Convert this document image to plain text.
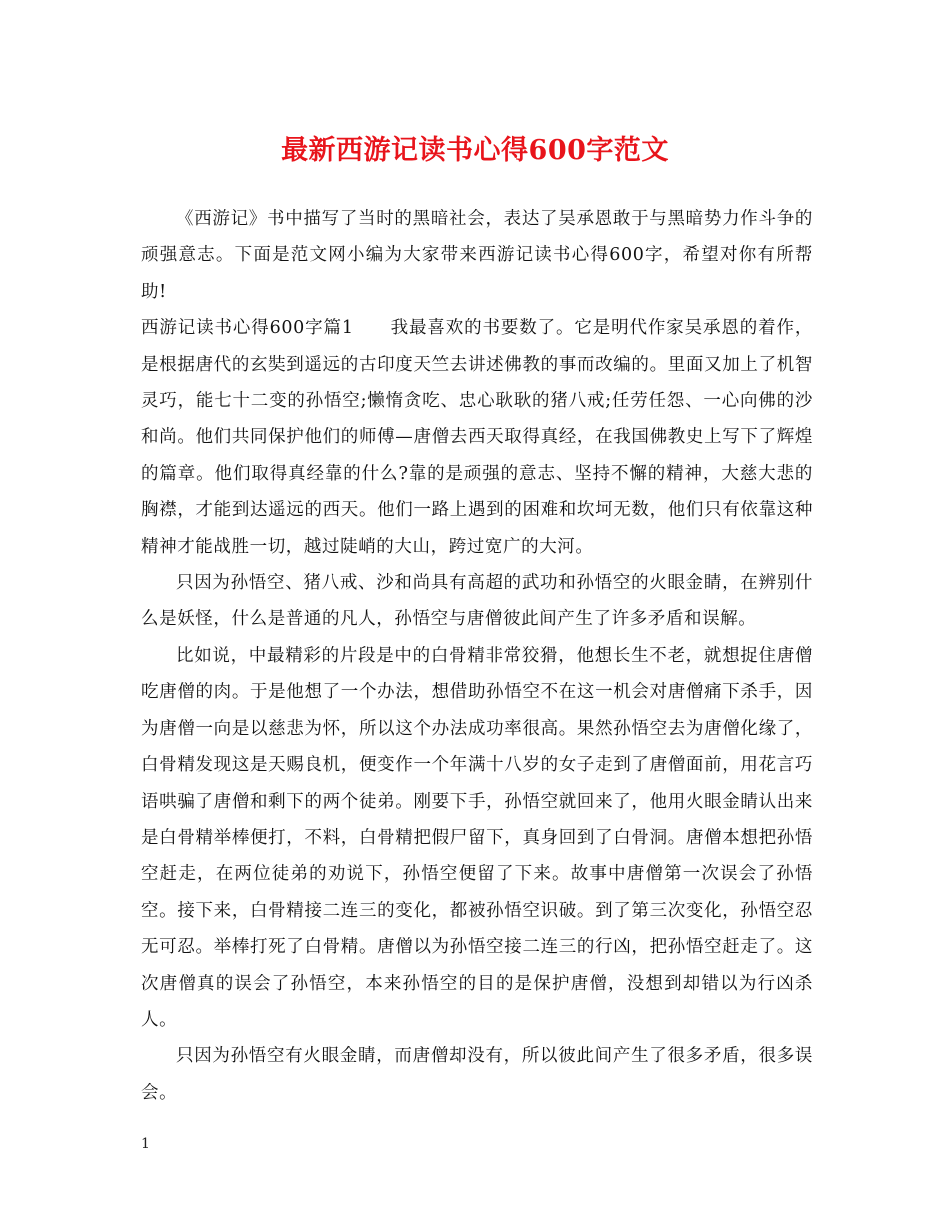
最新西游记读书心得600字范文

《西游记》书中描写了当时的黑暗社会，表达了吴承恩敢于与黑暗势力作斗争的顽强意志。下面是范文网小编为大家带来西游记读书心得600字，希望对你有所帮助!

西游记读书心得600字篇1　　我最喜欢的书要数了。它是明代作家吴承恩的着作，是根据唐代的玄奘到遥远的古印度天竺去讲述佛教的事而改编的。里面又加上了机智灵巧，能七十二变的孙悟空;懒惰贪吃、忠心耿耿的猪八戒;任劳任怨、一心向佛的沙和尚。他们共同保护他们的师傅—唐僧去西天取得真经，在我国佛教史上写下了辉煌的篇章。他们取得真经靠的什么?靠的是顽强的意志、坚持不懈的精神，大慈大悲的胸襟，才能到达遥远的西天。他们一路上遇到的困难和坎坷无数，他们只有依靠这种精神才能战胜一切，越过陡峭的大山，跨过宽广的大河。

只因为孙悟空、猪八戒、沙和尚具有高超的武功和孙悟空的火眼金睛，在辨别什么是妖怪，什么是普通的凡人，孙悟空与唐僧彼此间产生了许多矛盾和误解。

比如说，中最精彩的片段是中的白骨精非常狡猾，他想长生不老，就想捉住唐僧吃唐僧的肉。于是他想了一个办法，想借助孙悟空不在这一机会对唐僧痛下杀手，因为唐僧一向是以慈悲为怀，所以这个办法成功率很高。果然孙悟空去为唐僧化缘了，白骨精发现这是天赐良机，便变作一个年满十八岁的女子走到了唐僧面前，用花言巧语哄骗了唐僧和剩下的两个徒弟。刚要下手，孙悟空就回来了，他用火眼金睛认出来是白骨精举棒便打，不料，白骨精把假尸留下，真身回到了白骨洞。唐僧本想把孙悟空赶走，在两位徒弟的劝说下，孙悟空便留了下来。故事中唐僧第一次误会了孙悟空。接下来，白骨精接二连三的变化，都被孙悟空识破。到了第三次变化，孙悟空忍无可忍。举棒打死了白骨精。唐僧以为孙悟空接二连三的行凶，把孙悟空赶走了。这次唐僧真的误会了孙悟空，本来孙悟空的目的是保护唐僧，没想到却错以为行凶杀人。

只因为孙悟空有火眼金睛，而唐僧却没有，所以彼此间产生了很多矛盾，很多误会。

1
